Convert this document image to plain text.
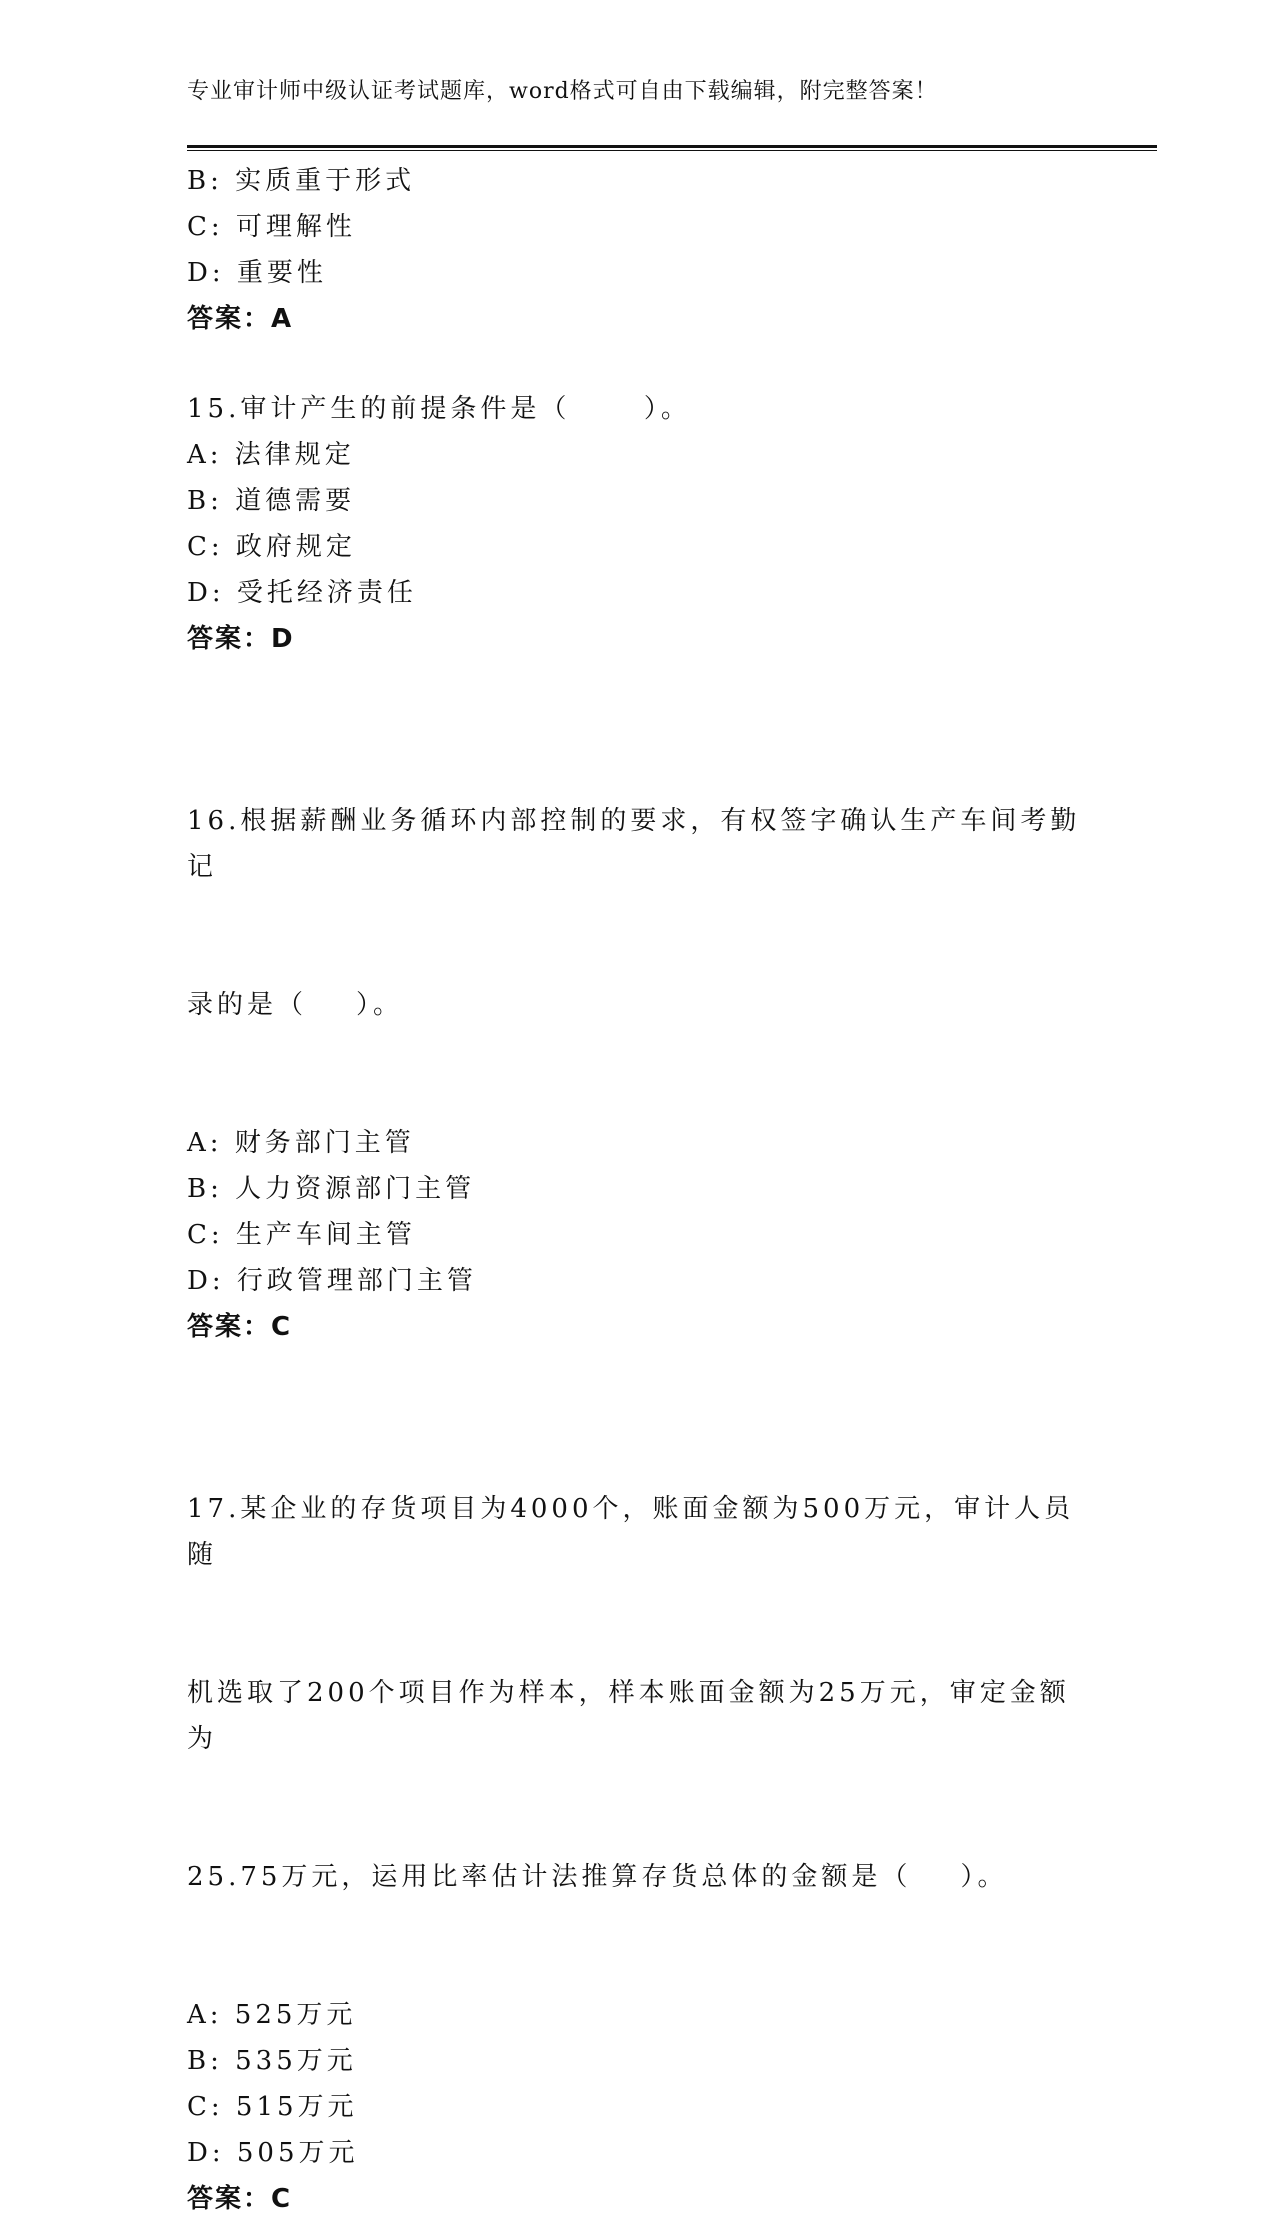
专业审计师中级认证考试题库，word格式可自由下载编辑，附完整答案！
B: 实质重于形式
C: 可理解性
D: 重要性
答案：A
15.审计产生的前提条件是（      ）。
A: 法律规定
B: 道德需要
C: 政府规定
D: 受托经济责任
答案：D

16.根据薪酬业务循环内部控制的要求，有权签字确认生产车间考勤记

录的是（    ）。

A: 财务部门主管
B: 人力资源部门主管
C: 生产车间主管
D: 行政管理部门主管
答案：C

17.某企业的存货项目为4000个，账面金额为500万元，审计人员随

机选取了200个项目作为样本，样本账面金额为25万元，审定金额为

25.75万元，运用比率估计法推算存货总体的金额是（    ）。

A: 525万元
B: 535万元
C: 515万元
D: 505万元
答案：C
